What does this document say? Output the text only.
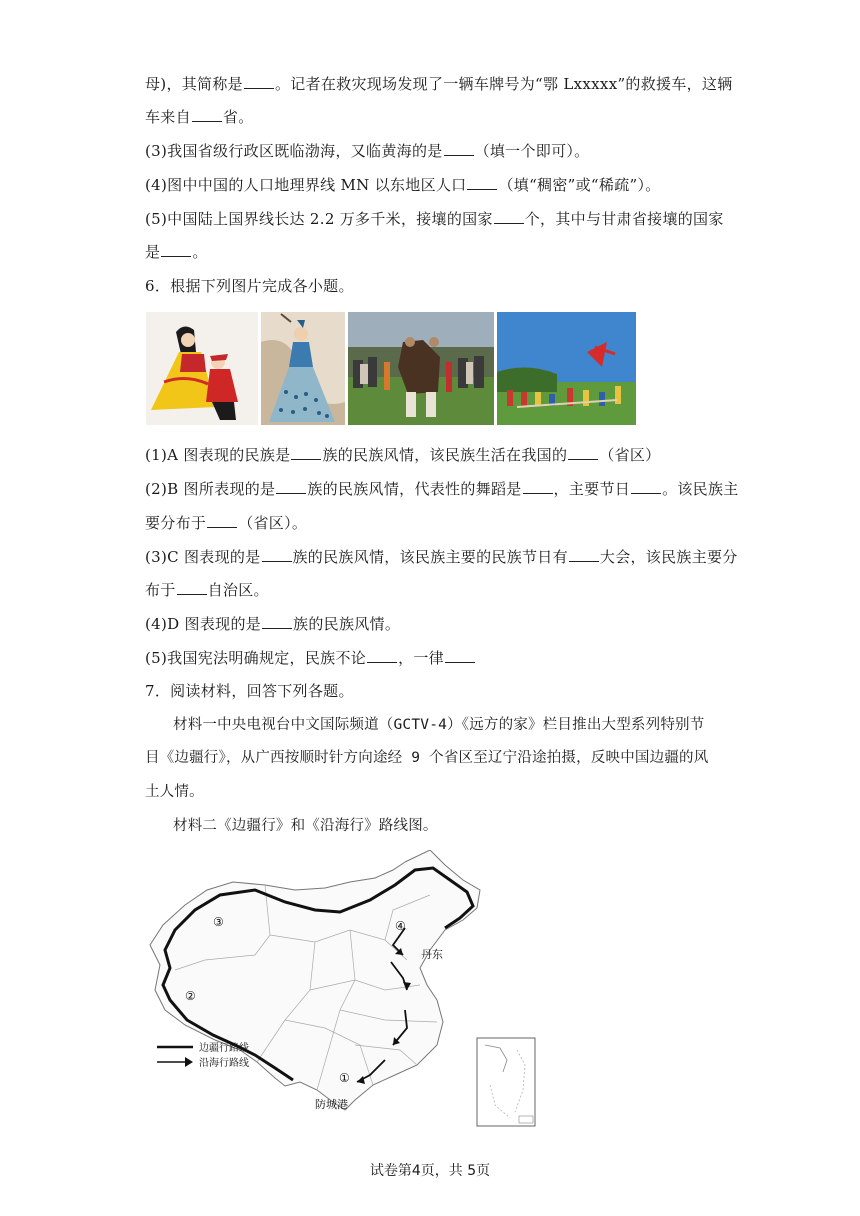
母)，其简称是 。记者在救灾现场发现了一辆车牌号为“鄂 Lxxxxx”的救援车，这辆
车来自 省。
(3)我国省级行政区既临渤海，又临黄海的是 （填一个即可）。
(4)图中中国的人口地理界线 MN 以东地区人口 （填“稠密”或“稀疏”）。
(5)中国陆上国界线长达 2.2 万多千米，接壤的国家 个，其中与甘肃省接壤的国家
是 。
6．根据下列图片完成各小题。
(1)A 图表现的民族是 族的民族风情，该民族生活在我国的 （省区）
(2)B 图所表现的是 族的民族风情，代表性的舞蹈是 ，主要节日 。该民族主
要分布于 （省区）。
(3)C 图表现的是 族的民族风情，该民族主要的民族节日有 大会，该民族主要分
布于 自治区。
(4)D 图表现的是 族的民族风情。
(5)我国宪法明确规定，民族不论 ，一律
7．阅读材料，回答下列各题。
材料一中央电视台中文国际频道（GCTV-4）《远方的家》栏目推出大型系列特别节
目《边疆行》，从广西按顺时针方向途经 9 个省区至辽宁沿途拍摄，反映中国边疆的风
土人情。
材料二《边疆行》和《沿海行》路线图。
③
②
④
①
丹东
防城港
边疆行路线
沿海行路线
试卷第4页，共 5页
